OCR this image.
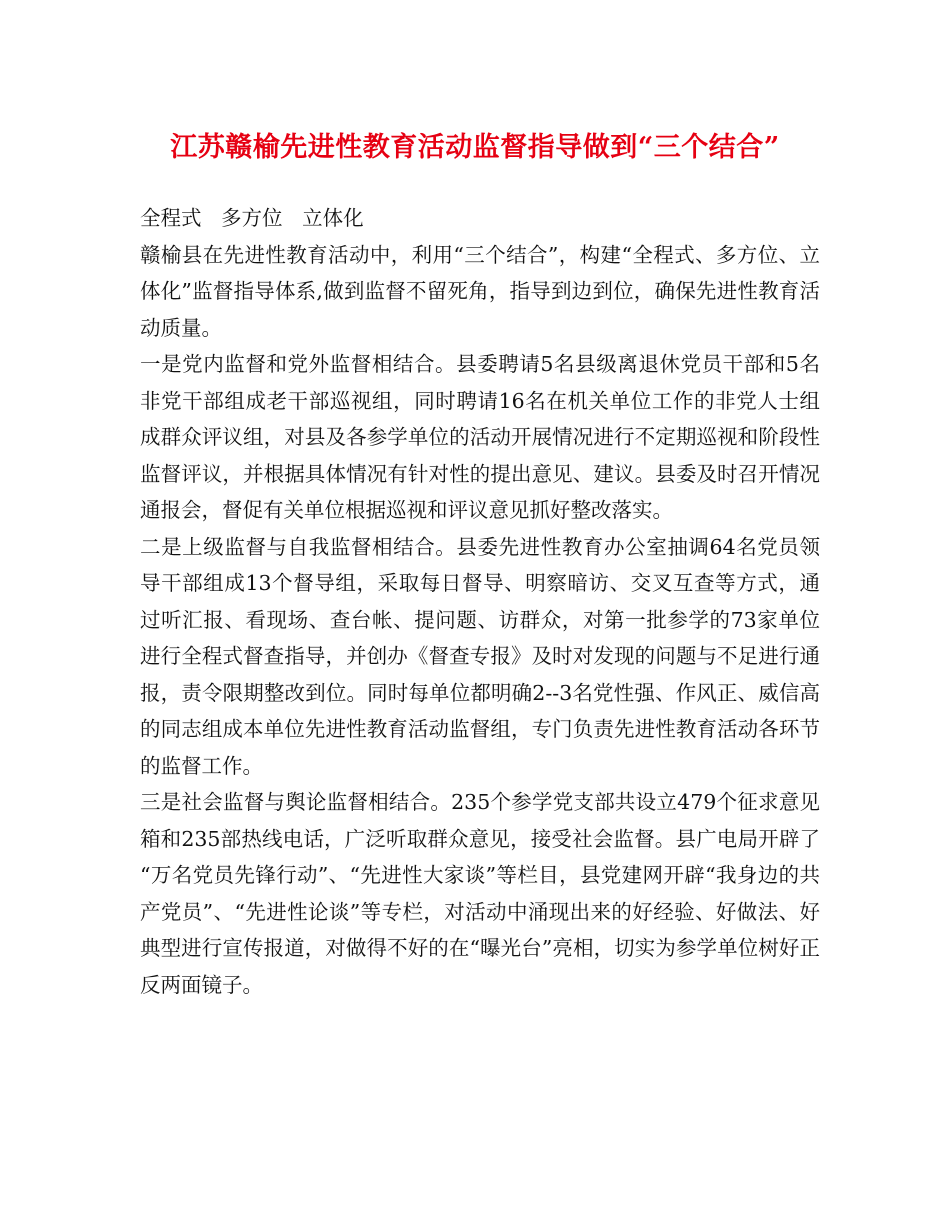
江苏赣榆先进性教育活动监督指导做到“三个结合”

全程式   多方位   立体化

赣榆县在先进性教育活动中，利用“三个结合”，构建“全程式、多方位、立体化”监督指导体系,做到监督不留死角，指导到边到位，确保先进性教育活动质量。

一是党内监督和党外监督相结合。县委聘请5名县级离退休党员干部和5名非党干部组成老干部巡视组，同时聘请16名在机关单位工作的非党人士组成群众评议组，对县及各参学单位的活动开展情况进行不定期巡视和阶段性监督评议，并根据具体情况有针对性的提出意见、建议。县委及时召开情况通报会，督促有关单位根据巡视和评议意见抓好整改落实。

二是上级监督与自我监督相结合。县委先进性教育办公室抽调64名党员领导干部组成13个督导组，采取每日督导、明察暗访、交叉互查等方式，通过听汇报、看现场、查台帐、提问题、访群众，对第一批参学的73家单位进行全程式督查指导，并创办《督查专报》及时对发现的问题与不足进行通报，责令限期整改到位。同时每单位都明确2--3名党性强、作风正、威信高的同志组成本单位先进性教育活动监督组，专门负责先进性教育活动各环节的监督工作。

三是社会监督与舆论监督相结合。235个参学党支部共设立479个征求意见箱和235部热线电话，广泛听取群众意见，接受社会监督。县广电局开辟了 “万名党员先锋行动”、“先进性大家谈”等栏目，县党建网开辟“我身边的共产党员”、“先进性论谈”等专栏，对活动中涌现出来的好经验、好做法、好典型进行宣传报道，对做得不好的在“曝光台”亮相，切实为参学单位树好正反两面镜子。
